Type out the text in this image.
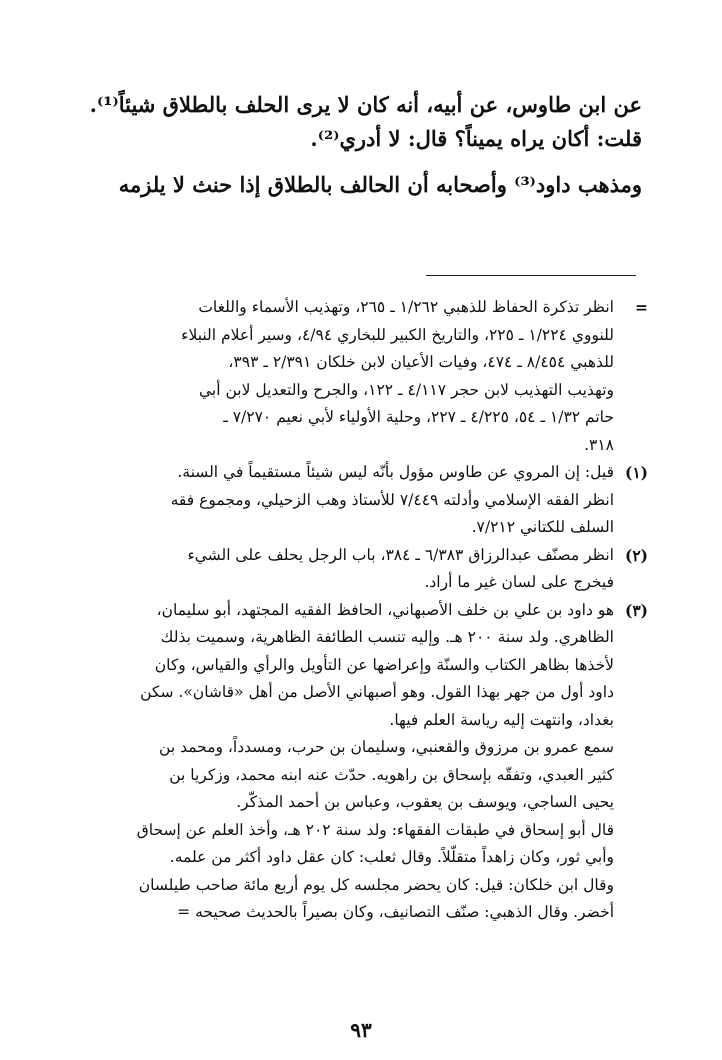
عن ابن طاوس، عن أبيه، أنه كان لا يرى الحلف بالطلاق شيئاً⁽¹⁾.
قلت: أكان يراه يميناً؟ قال: لا أدري⁽²⁾.
ومذهب داود⁽³⁾ وأصحابه أن الحالف بالطلاق إذا حنث لا يلزمه
=
انظر تذكرة الحفاظ للذهبي ١/٢٦٢ ـ ٢٦٥، وتهذيب الأسماء واللغات
للنووي ١/٢٢٤ ـ ٢٢٥، والتاريخ الكبير للبخاري ٤/٩٤، وسير أعلام النبلاء
للذهبي ٨/٤٥٤ ـ ٤٧٤، وفيات الأعيان لابن خلكان ٢/٣٩١ ـ ٣٩٣،
وتهذيب التهذيب لابن حجر ٤/١١٧ ـ ١٢٢، والجرح والتعديل لابن أبي
حاتم ١/٣٢ ـ ٥٤، ٤/٢٢٥ ـ ٢٢٧، وحلية الأولياء لأبي نعيم ٧/٢٧٠ ـ
٣١٨.
(١)
قيل: إن المروي عن طاوس مؤول بأنّه ليس شيئاً مستقيماً في السنة.
انظر الفقه الإسلامي وأدلته ٧/٤٤٩ للأستاذ وهب الزحيلي، ومجموع فقه
السلف للكتاني ٧/٢١٢.
(٢)
انظر مصنّف عبدالرزاق ٦/٣٨٣ ـ ٣٨٤، باب الرجل يحلف على الشيء
فيخرج على لسان غير ما أراد.
(٣)
هو داود بن علي بن خلف الأصبهاني، الحافظ الفقيه المجتهد، أبو سليمان،
الظاهري. ولد سنة ٢٠٠ هـ. وإليه تنسب الطائفة الظاهرية، وسميت بذلك
لأخذها بظاهر الكتاب والسنّة وإعراضها عن التأويل والرأي والقياس، وكان
داود أول من جهر بهذا القول. وهو أصبهاني الأصل من أهل «قاشان». سكن
بغداد، وانتهت إليه رياسة العلم فيها.
سمع عمرو بن مرزوق والقعنبي، وسليمان بن حرب، ومسدداً، ومحمد بن
كثير العبدي، وتفقّه بإسحاق بن راهويه. حدّث عنه ابنه محمد، وزكريا بن
يحيى الساجي، ويوسف بن يعقوب، وعباس بن أحمد المذكّر.
قال أبو إسحاق في طبقات الفقهاء: ولد سنة ٢٠٢ هـ، وأخذ العلم عن إسحاق
وأبي ثور، وكان زاهداً متقلّلاً. وقال ثعلب: كان عقل داود أكثر من علمه.
وقال ابن خلكان: قيل: كان يحضر مجلسه كل يوم أربع مائة صاحب طيلسان
أخضر. وقال الذهبي: صنّف التصانيف، وكان بصيراً بالحديث صحيحه =
٩٣
